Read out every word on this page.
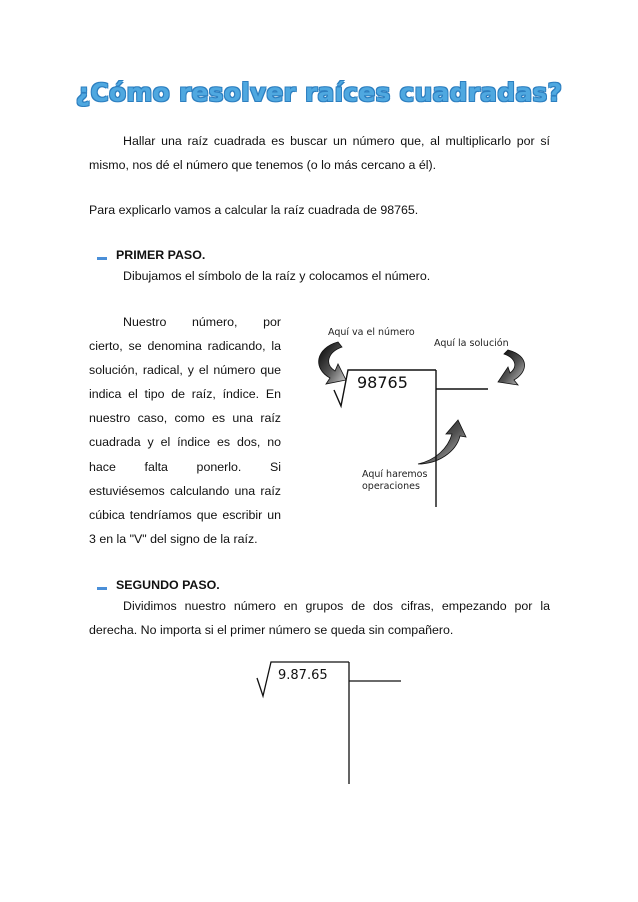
¿Cómo resolver raíces cuadradas?

Hallar una raíz cuadrada es buscar un número que, al multiplicarlo por sí mismo, nos dé el número que tenemos (o lo más cercano a él).

Para explicarlo vamos a calcular la raíz cuadrada de 98765.

PRIMER PASO.

Dibujamos el símbolo de la raíz y colocamos el número.

Nuestro número, por
cierto, se denomina radicando, la solución, radical, y el número que indica el tipo de raíz, índice. En nuestro caso, como es una raíz cuadrada y el índice es dos, no hace falta ponerlo. Si estuviésemos calculando una raíz cúbica tendríamos que escribir un 3 en la "V" del signo de la raíz.
Aquí va el número
Aquí la solución
Aquí haremos
operaciones
98765
SEGUNDO PASO.

Dividimos nuestro número en grupos de dos cifras, empezando por la derecha. No importa si el primer número se queda sin compañero.

9.87.65
